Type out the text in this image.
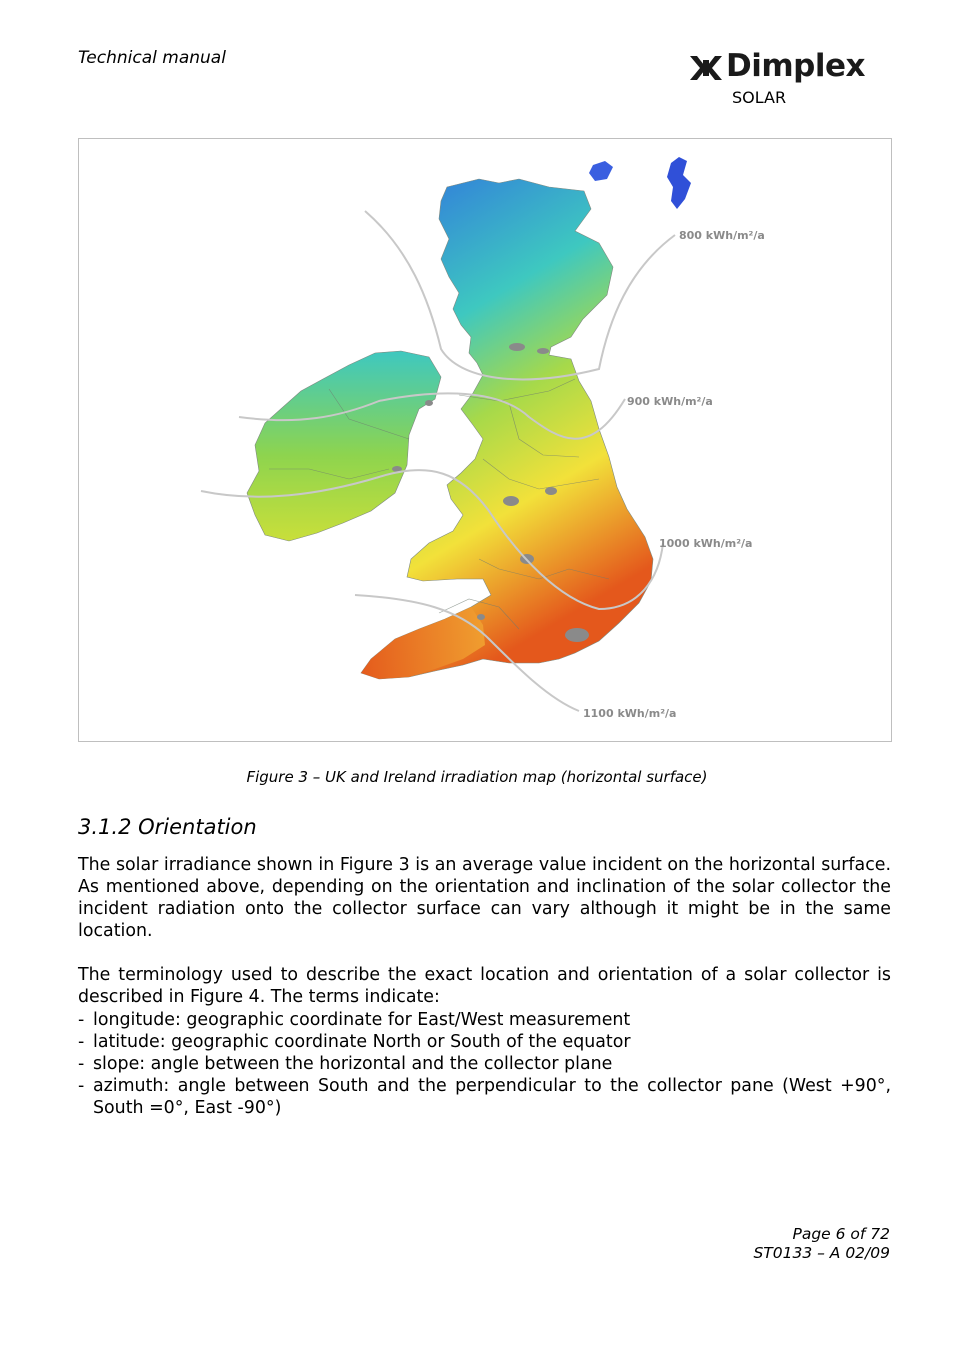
Technical manual	Dimplex
SOLAR
800 kWh/m²/a
900 kWh/m²/a
1000 kWh/m²/a
1100 kWh/m²/a
Figure 3 – UK and Ireland irradiation map (horizontal surface)
3.1.2 Orientation
The solar irradiance shown in Figure 3 is an average value incident on the horizontal surface. As mentioned above, depending on the orientation and inclination of the solar collector the incident radiation onto the collector surface can vary although it might be in the same location.
The terminology used to describe the exact location and orientation of a solar collector is described in Figure 4. The terms indicate:
- longitude: geographic coordinate for East/West measurement
- latitude: geographic coordinate North or South of the equator
- slope: angle between the horizontal and the collector plane
- azimuth: angle between South and the perpendicular to the collector pane (West +90°, South =0°, East -90°)
Page 6 of 72
ST0133 – A 02/09
